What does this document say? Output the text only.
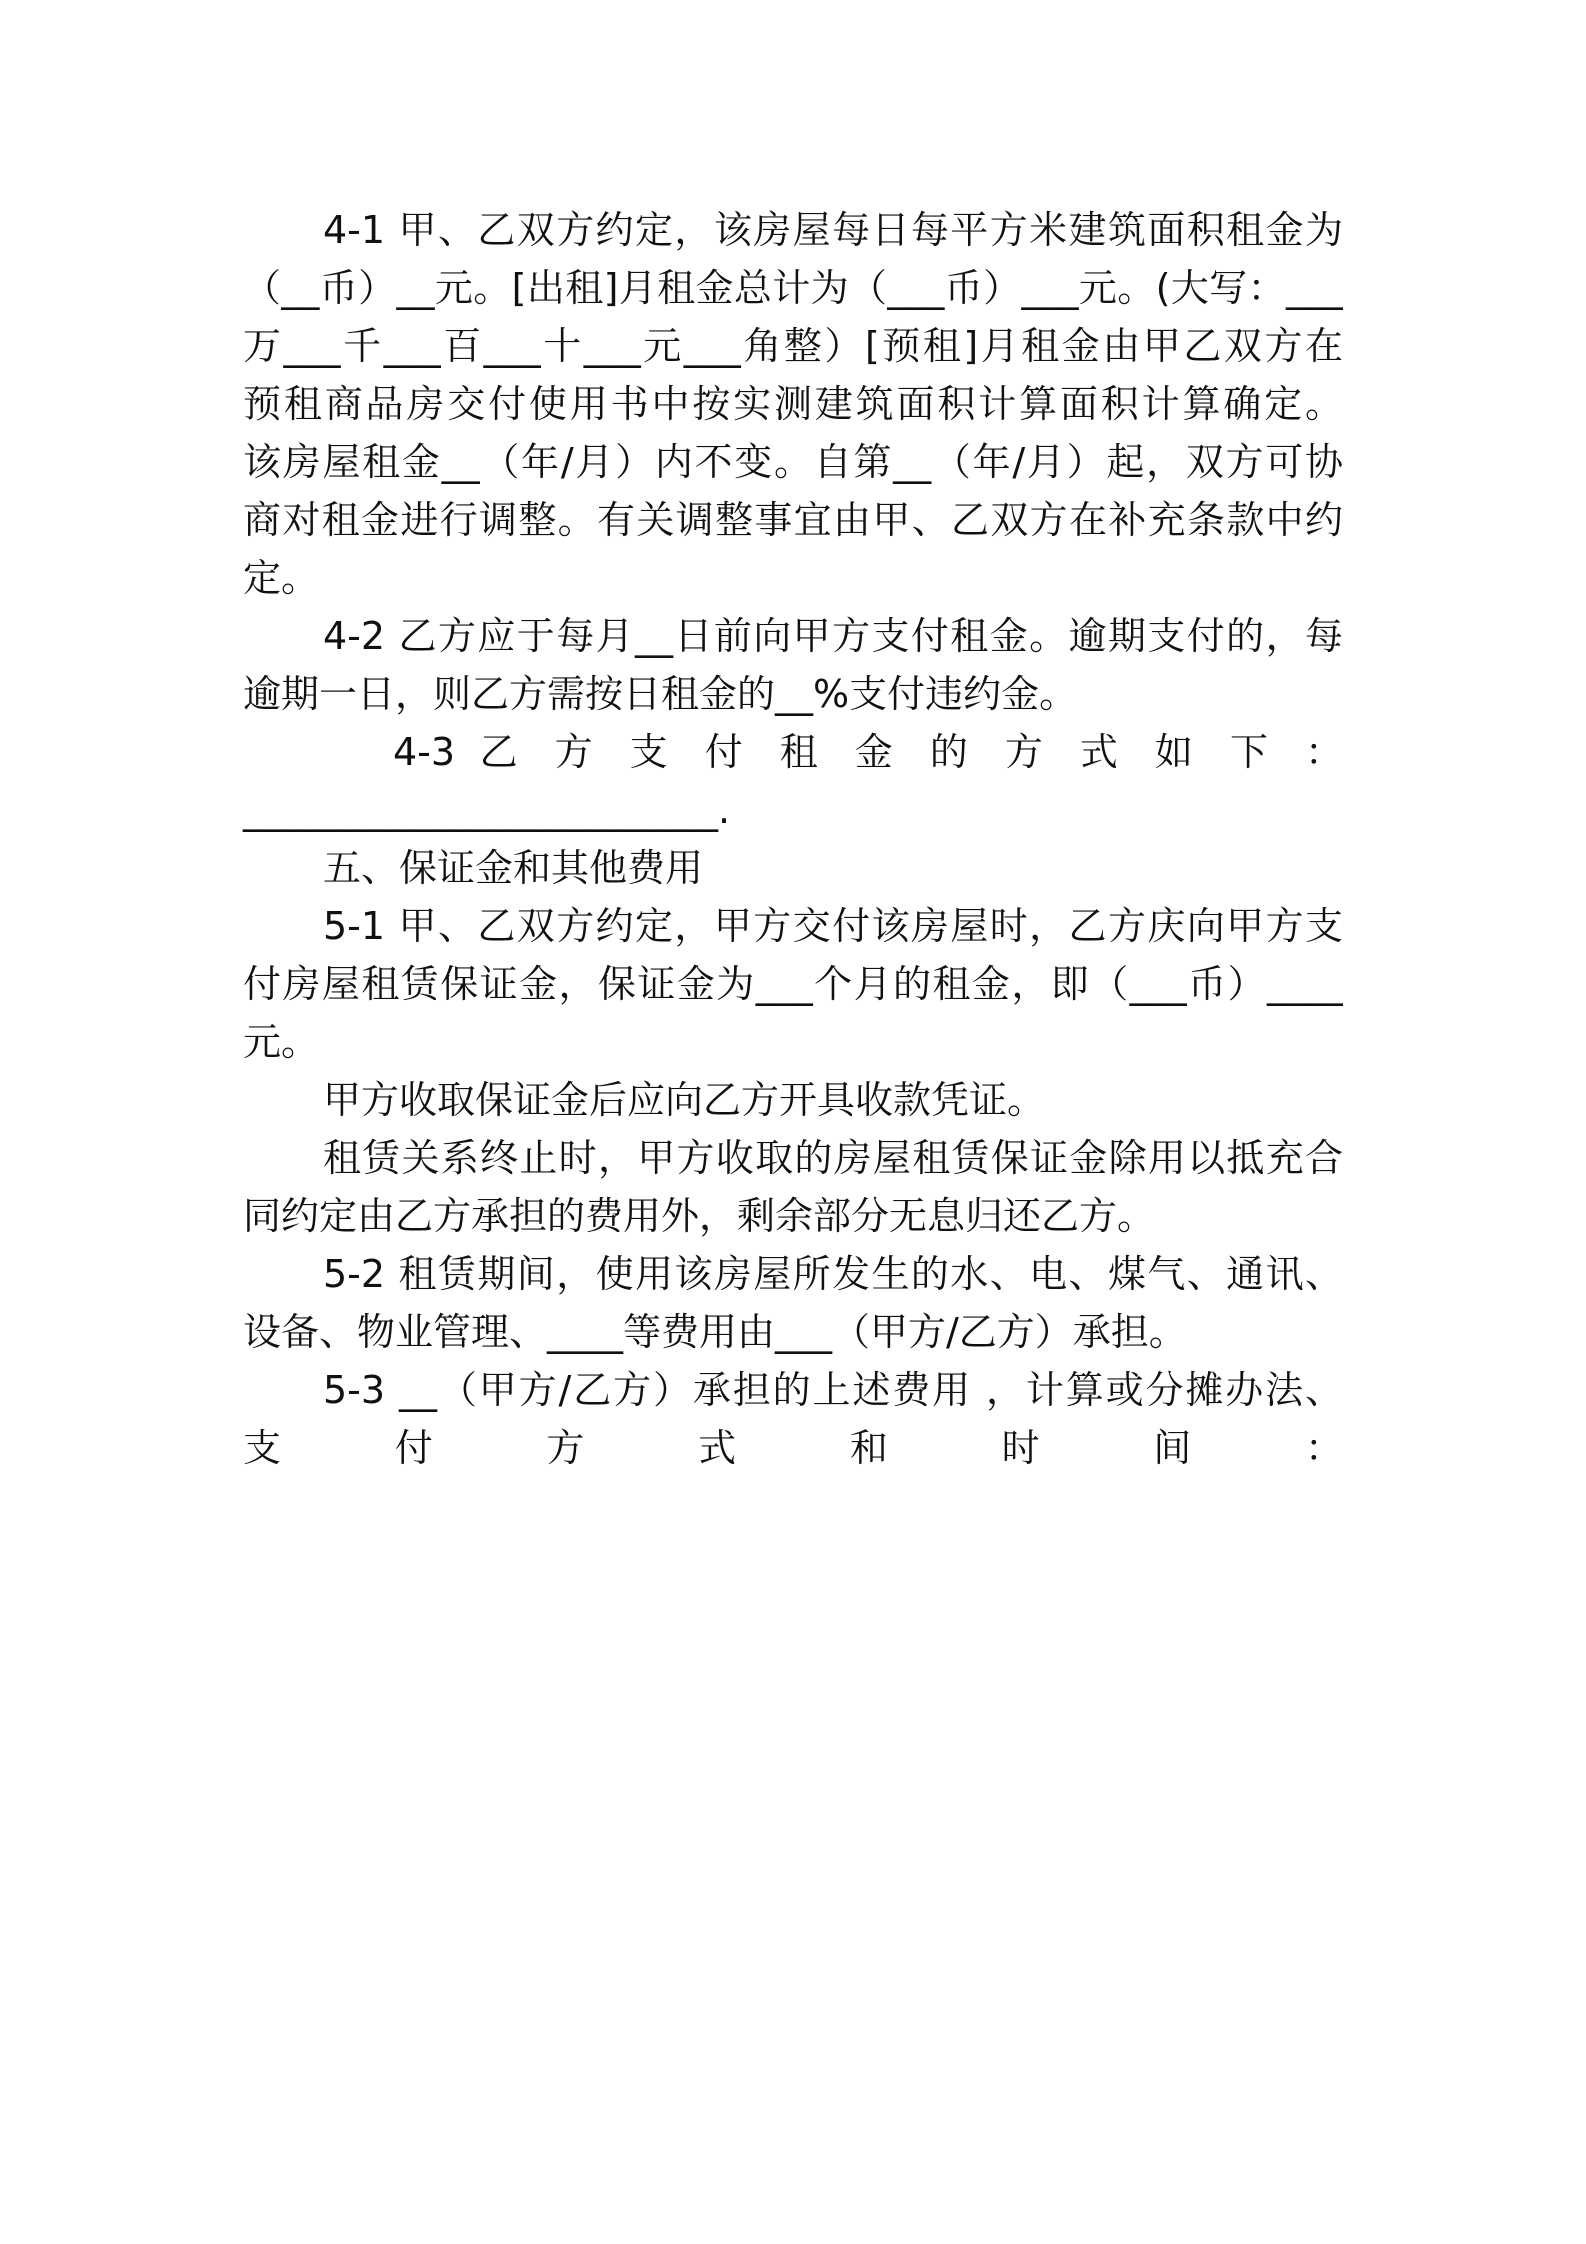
4-1 甲、乙双方约定，该房屋每日每平方米建筑面积租金为
（__币）__元。[出租]月租金总计为（___币）___元。(大写：___
万___千___百___十___元___角整）[预租]月租金由甲乙双方在
预租商品房交付使用书中按实测建筑面积计算面积计算确定。
该房屋租金__（年/月）内不变。自第__（年/月）起，双方可协
商对租金进行调整。有关调整事宜由甲、乙双方在补充条款中约
定。
4-2 乙方应于每月__日前向甲方支付租金。逾期支付的，每
逾期一日，则乙方需按日租金的__%支付违约金。
4-3 乙 方 支 付 租 金 的 方 式 如 下 ：
_________________________.
五、保证金和其他费用
5-1 甲、乙双方约定，甲方交付该房屋时，乙方庆向甲方支
付房屋租赁保证金，保证金为___个月的租金，即（___币）____
元。
甲方收取保证金后应向乙方开具收款凭证。
租赁关系终止时，甲方收取的房屋租赁保证金除用以抵充合
同约定由乙方承担的费用外，剩余部分无息归还乙方。
5-2 租赁期间，使用该房屋所发生的水、电、煤气、通讯、
设备、物业管理、____等费用由___（甲方/乙方）承担。
5-3 __（甲方/乙方）承担的上述费用 ，计算或分摊办法、
支 付 方 式 和 时 间 ：
